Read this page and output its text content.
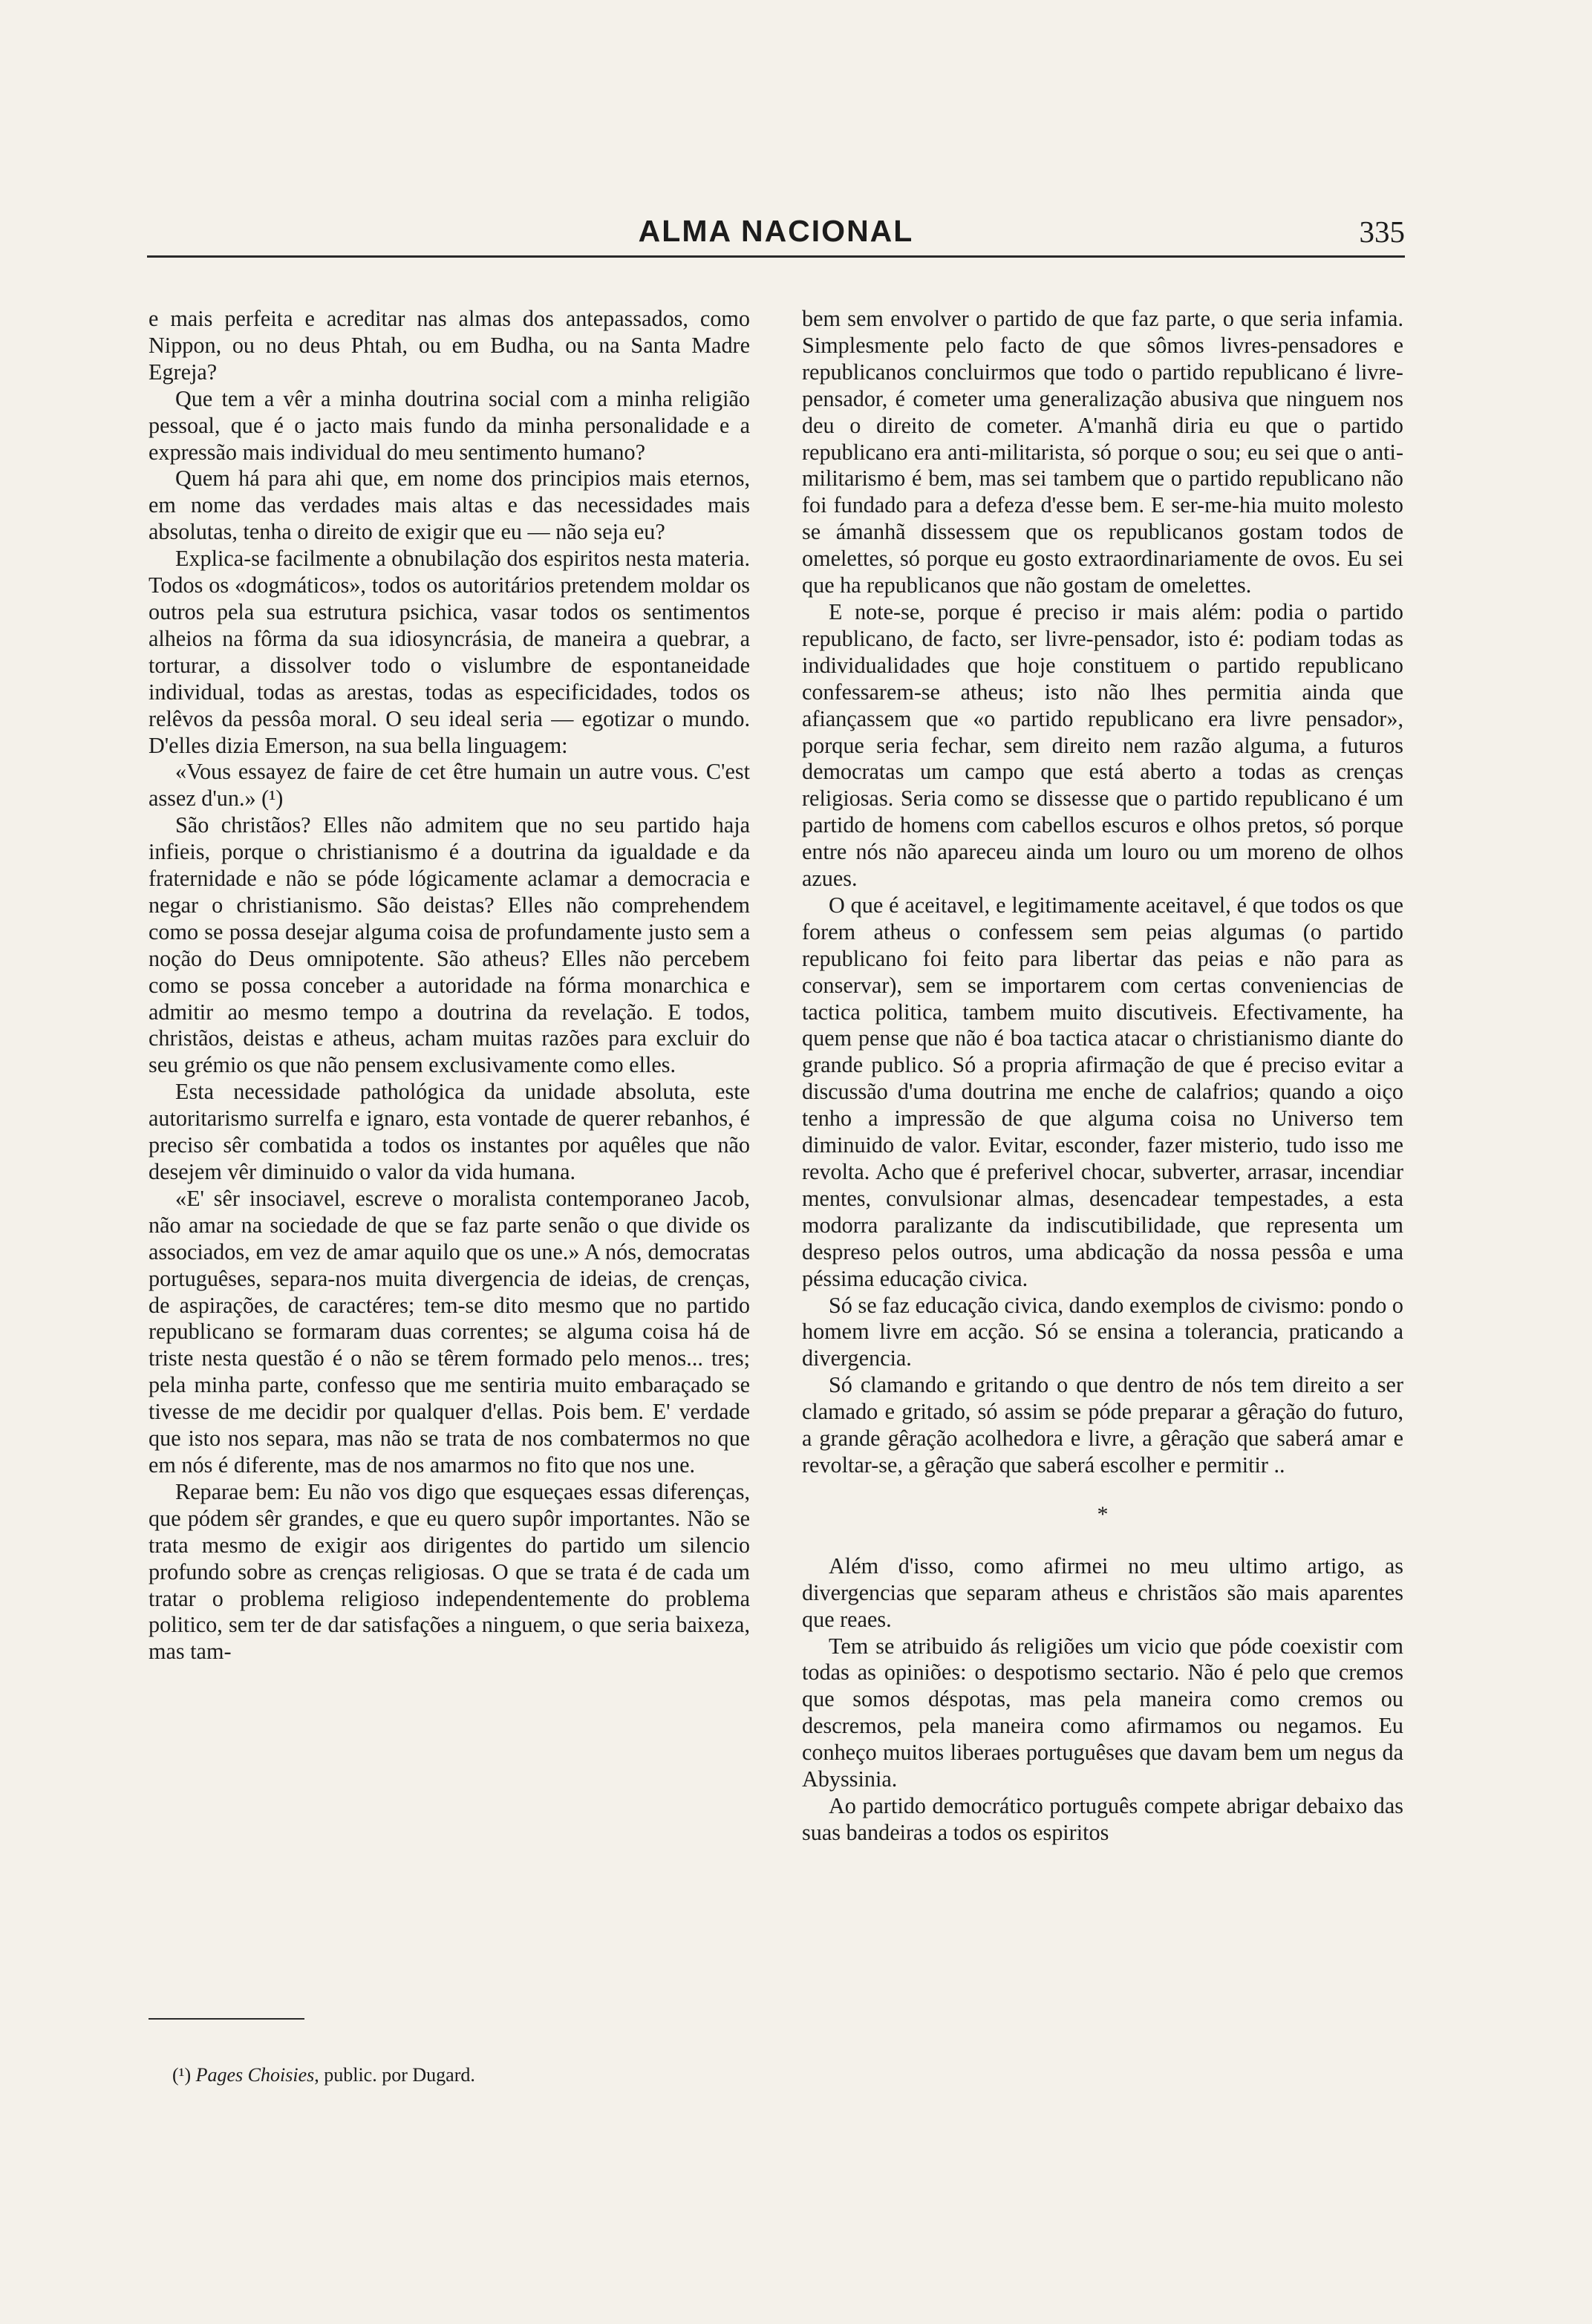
ALMA NACIONAL	335

e mais perfeita e acreditar nas almas dos antepassados, como Nippon, ou no deus Phtah, ou em Budha, ou na Santa Madre Egreja?

Que tem a vêr a minha doutrina social com a minha religião pessoal, que é o jacto mais fundo da minha personalidade e a expressão mais individual do meu sentimento humano?

Quem há para ahi que, em nome dos principios mais eternos, em nome das verdades mais altas e das necessidades mais absolutas, tenha o direito de exigir que eu — não seja eu?

Explica-se facilmente a obnubilação dos espiritos nesta materia. Todos os «dogmáticos», todos os autoritários pretendem moldar os outros pela sua estrutura psichica, vasar todos os sentimentos alheios na fôrma da sua idiosyncrásia, de maneira a quebrar, a torturar, a dissolver todo o vislumbre de espontaneidade individual, todas as arestas, todas as especificidades, todos os relêvos da pessôa moral. O seu ideal seria — egotizar o mundo. D'elles dizia Emerson, na sua bella linguagem:

«Vous essayez de faire de cet être humain un autre vous. C'est assez d'un.» (¹)

São christãos? Elles não admitem que no seu partido haja infieis, porque o christianismo é a doutrina da igualdade e da fraternidade e não se póde lógicamente aclamar a democracia e negar o christianismo. São deistas? Elles não comprehendem como se possa desejar alguma coisa de profundamente justo sem a noção do Deus omnipotente. São atheus? Elles não percebem como se possa conceber a autoridade na fórma monarchica e admitir ao mesmo tempo a doutrina da revelação. E todos, christãos, deistas e atheus, acham muitas razões para excluir do seu grémio os que não pensem exclusivamente como elles.

Esta necessidade pathológica da unidade absoluta, este autoritarismo surrelfa e ignaro, esta vontade de querer rebanhos, é preciso sêr combatida a todos os instantes por aquêles que não desejem vêr diminuido o valor da vida humana.

«E' sêr insociavel, escreve o moralista contemporaneo Jacob, não amar na sociedade de que se faz parte senão o que divide os associados, em vez de amar aquilo que os une.» A nós, democratas portuguêses, separa-nos muita divergencia de ideias, de crenças, de aspirações, de caractéres; tem-se dito mesmo que no partido republicano se formaram duas correntes; se alguma coisa há de triste nesta questão é o não se têrem formado pelo menos... tres; pela minha parte, confesso que me sentiria muito embaraçado se tivesse de me decidir por qualquer d'ellas. Pois bem. E' verdade que isto nos separa, mas não se trata de nos combatermos no que em nós é diferente, mas de nos amarmos no fito que nos une.

Reparae bem: Eu não vos digo que esqueçaes essas diferenças, que pódem sêr grandes, e que eu quero supôr importantes. Não se trata mesmo de exigir aos dirigentes do partido um silencio profundo sobre as crenças religiosas. O que se trata é de cada um tratar o problema religioso independentemente do problema politico, sem ter de dar satisfações a ninguem, o que seria baixeza, mas tam-

bem sem envolver o partido de que faz parte, o que seria infamia. Simplesmente pelo facto de que sômos livres-pensadores e republicanos concluirmos que todo o partido republicano é livre-pensador, é cometer uma generalização abusiva que ninguem nos deu o direito de cometer. A'manhã diria eu que o partido republicano era anti-militarista, só porque o sou; eu sei que o anti-militarismo é bem, mas sei tambem que o partido republicano não foi fundado para a defeza d'esse bem. E ser-me-hia muito molesto se ámanhã dissessem que os republicanos gostam todos de omelettes, só porque eu gosto extraordinariamente de ovos. Eu sei que ha republicanos que não gostam de omelettes.

E note-se, porque é preciso ir mais além: podia o partido republicano, de facto, ser livre-pensador, isto é: podiam todas as individualidades que hoje constituem o partido republicano confessarem-se atheus; isto não lhes permitia ainda que afiançassem que «o partido republicano era livre pensador», porque seria fechar, sem direito nem razão alguma, a futuros democratas um campo que está aberto a todas as crenças religiosas. Seria como se dissesse que o partido republicano é um partido de homens com cabellos escuros e olhos pretos, só porque entre nós não apareceu ainda um louro ou um moreno de olhos azues.

O que é aceitavel, e legitimamente aceitavel, é que todos os que forem atheus o confessem sem peias algumas (o partido republicano foi feito para libertar das peias e não para as conservar), sem se importarem com certas conveniencias de tactica politica, tambem muito discutiveis. Efectivamente, ha quem pense que não é boa tactica atacar o christianismo diante do grande publico. Só a propria afirmação de que é preciso evitar a discussão d'uma doutrina me enche de calafrios; quando a oiço tenho a impressão de que alguma coisa no Universo tem diminuido de valor. Evitar, esconder, fazer misterio, tudo isso me revolta. Acho que é preferivel chocar, subverter, arrasar, incendiar mentes, convulsionar almas, desencadear tempestades, a esta modorra paralizante da indiscutibilidade, que representa um despreso pelos outros, uma abdicação da nossa pessôa e uma péssima educação civica.

Só se faz educação civica, dando exemplos de civismo: pondo o homem livre em acção. Só se ensina a tolerancia, praticando a divergencia.

Só clamando e gritando o que dentro de nós tem direito a ser clamado e gritado, só assim se póde preparar a gêração do futuro, a grande gêração acolhedora e livre, a gêração que saberá amar e revoltar-se, a gêração que saberá escolher e permitir ..

*

Além d'isso, como afirmei no meu ultimo artigo, as divergencias que separam atheus e christãos são mais aparentes que reaes.

Tem se atribuido ás religiões um vicio que póde coexistir com todas as opiniões: o despotismo sectario. Não é pelo que cremos que somos déspotas, mas pela maneira como cremos ou descremos, pela maneira como afirmamos ou negamos. Eu conheço muitos liberaes portuguêses que davam bem um negus da Abyssinia.

Ao partido democrático português compete abrigar debaixo das suas bandeiras a todos os espiritos

(¹) Pages Choisies, public. por Dugard.
